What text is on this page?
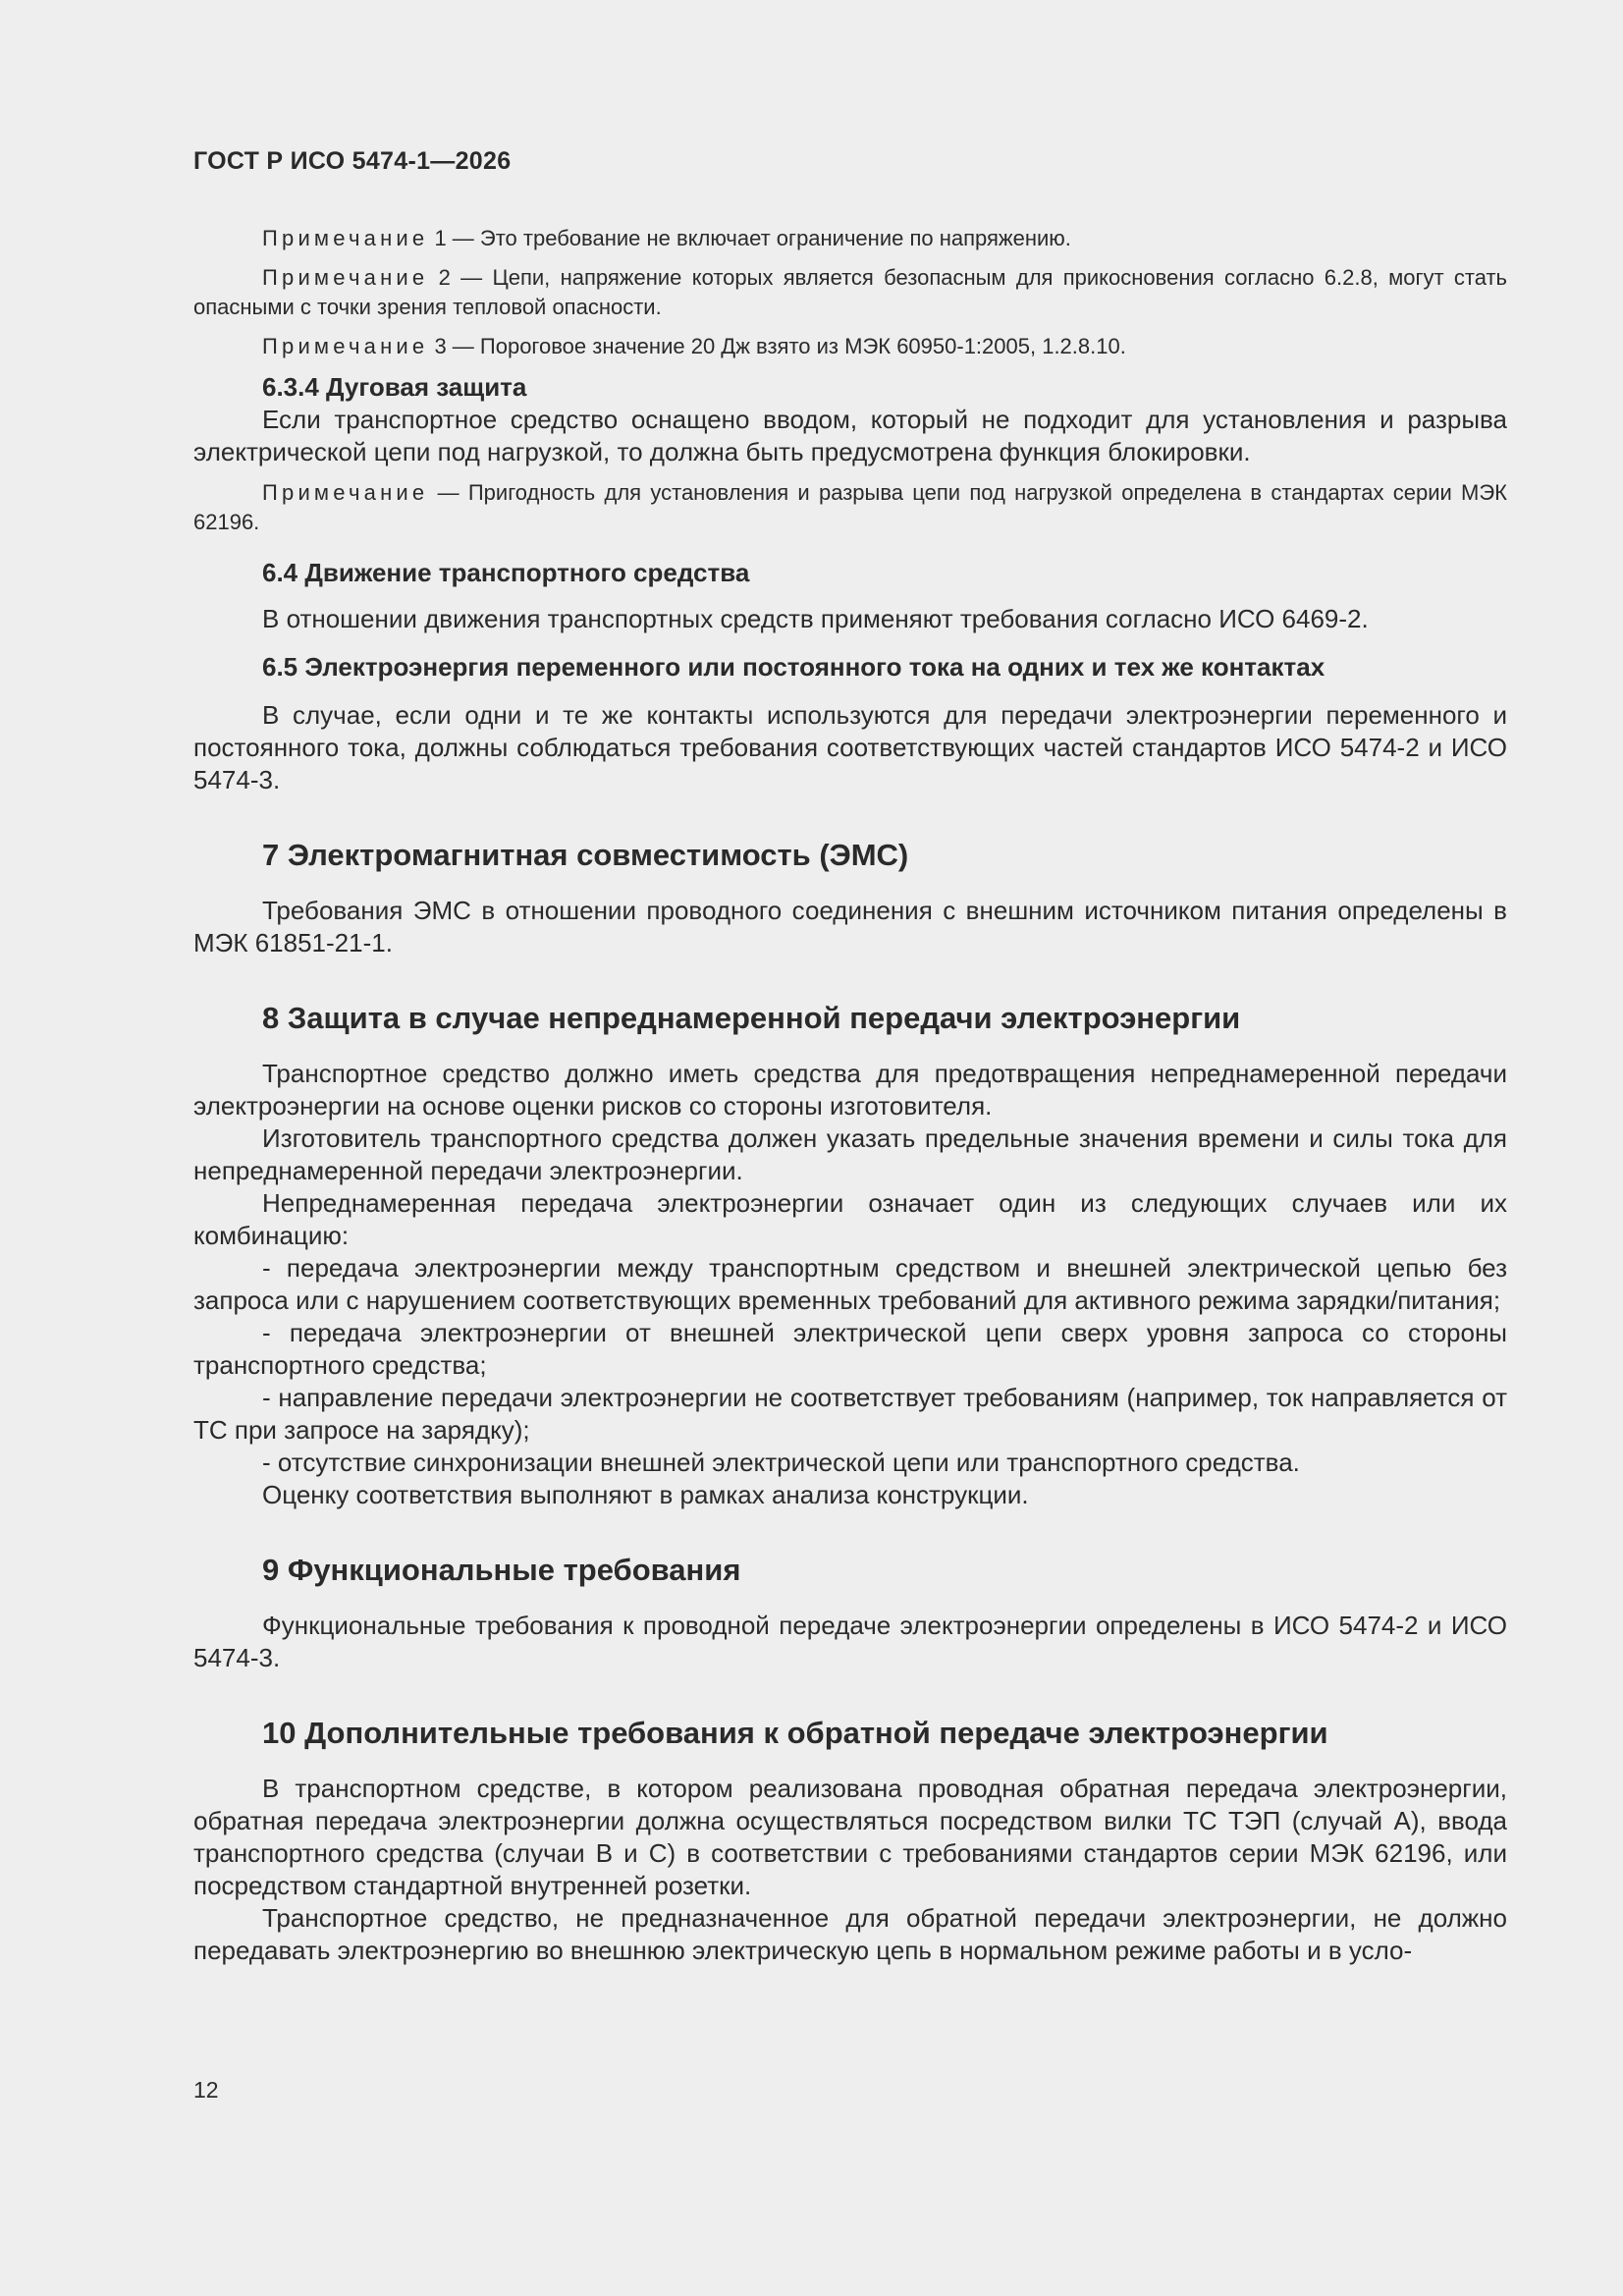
ГОСТ Р ИСО 5474-1—2026

Примечание 1 — Это требование не включает ограничение по напряжению.

Примечание 2 — Цепи, напряжение которых является безопасным для прикосновения согласно 6.2.8, могут стать опасными с точки зрения тепловой опасности.

Примечание 3 — Пороговое значение 20 Дж взято из МЭК 60950-1:2005, 1.2.8.10.

6.3.4 Дуговая защита

Если транспортное средство оснащено вводом, который не подходит для установления и разрыва электрической цепи под нагрузкой, то должна быть предусмотрена функция блокировки.

Примечание — Пригодность для установления и разрыва цепи под нагрузкой определена в стандартах серии МЭК 62196.

6.4 Движение транспортного средства

В отношении движения транспортных средств применяют требования согласно ИСО 6469-2.

6.5 Электроэнергия переменного или постоянного тока на одних и тех же контактах

В случае, если одни и те же контакты используются для передачи электроэнергии переменного и постоянного тока, должны соблюдаться требования соответствующих частей стандартов ИСО 5474-2 и ИСО 5474-3.

7 Электромагнитная совместимость (ЭМС)

Требования ЭМС в отношении проводного соединения с внешним источником питания определены в МЭК 61851-21-1.

8 Защита в случае непреднамеренной передачи электроэнергии

Транспортное средство должно иметь средства для предотвращения непреднамеренной передачи электроэнергии на основе оценки рисков со стороны изготовителя.

Изготовитель транспортного средства должен указать предельные значения времени и силы тока для непреднамеренной передачи электроэнергии.

Непреднамеренная передача электроэнергии означает один из следующих случаев или их комбинацию:

- передача электроэнергии между транспортным средством и внешней электрической цепью без запроса или с нарушением соответствующих временных требований для активного режима зарядки/питания;

- передача электроэнергии от внешней электрической цепи сверх уровня запроса со стороны транспортного средства;

- направление передачи электроэнергии не соответствует требованиям (например, ток направляется от ТС при запросе на зарядку);

- отсутствие синхронизации внешней электрической цепи или транспортного средства.

Оценку соответствия выполняют в рамках анализа конструкции.

9 Функциональные требования

Функциональные требования к проводной передаче электроэнергии определены в ИСО 5474-2 и ИСО 5474-3.

10 Дополнительные требования к обратной передаче электроэнергии

В транспортном средстве, в котором реализована проводная обратная передача электроэнергии, обратная передача электроэнергии должна осуществляться посредством вилки ТС ТЭП (случай А), ввода транспортного средства (случаи В и С) в соответствии с требованиями стандартов серии МЭК 62196, или посредством стандартной внутренней розетки.

Транспортное средство, не предназначенное для обратной передачи электроэнергии, не должно передавать электроэнергию во внешнюю электрическую цепь в нормальном режиме работы и в усло-

12
